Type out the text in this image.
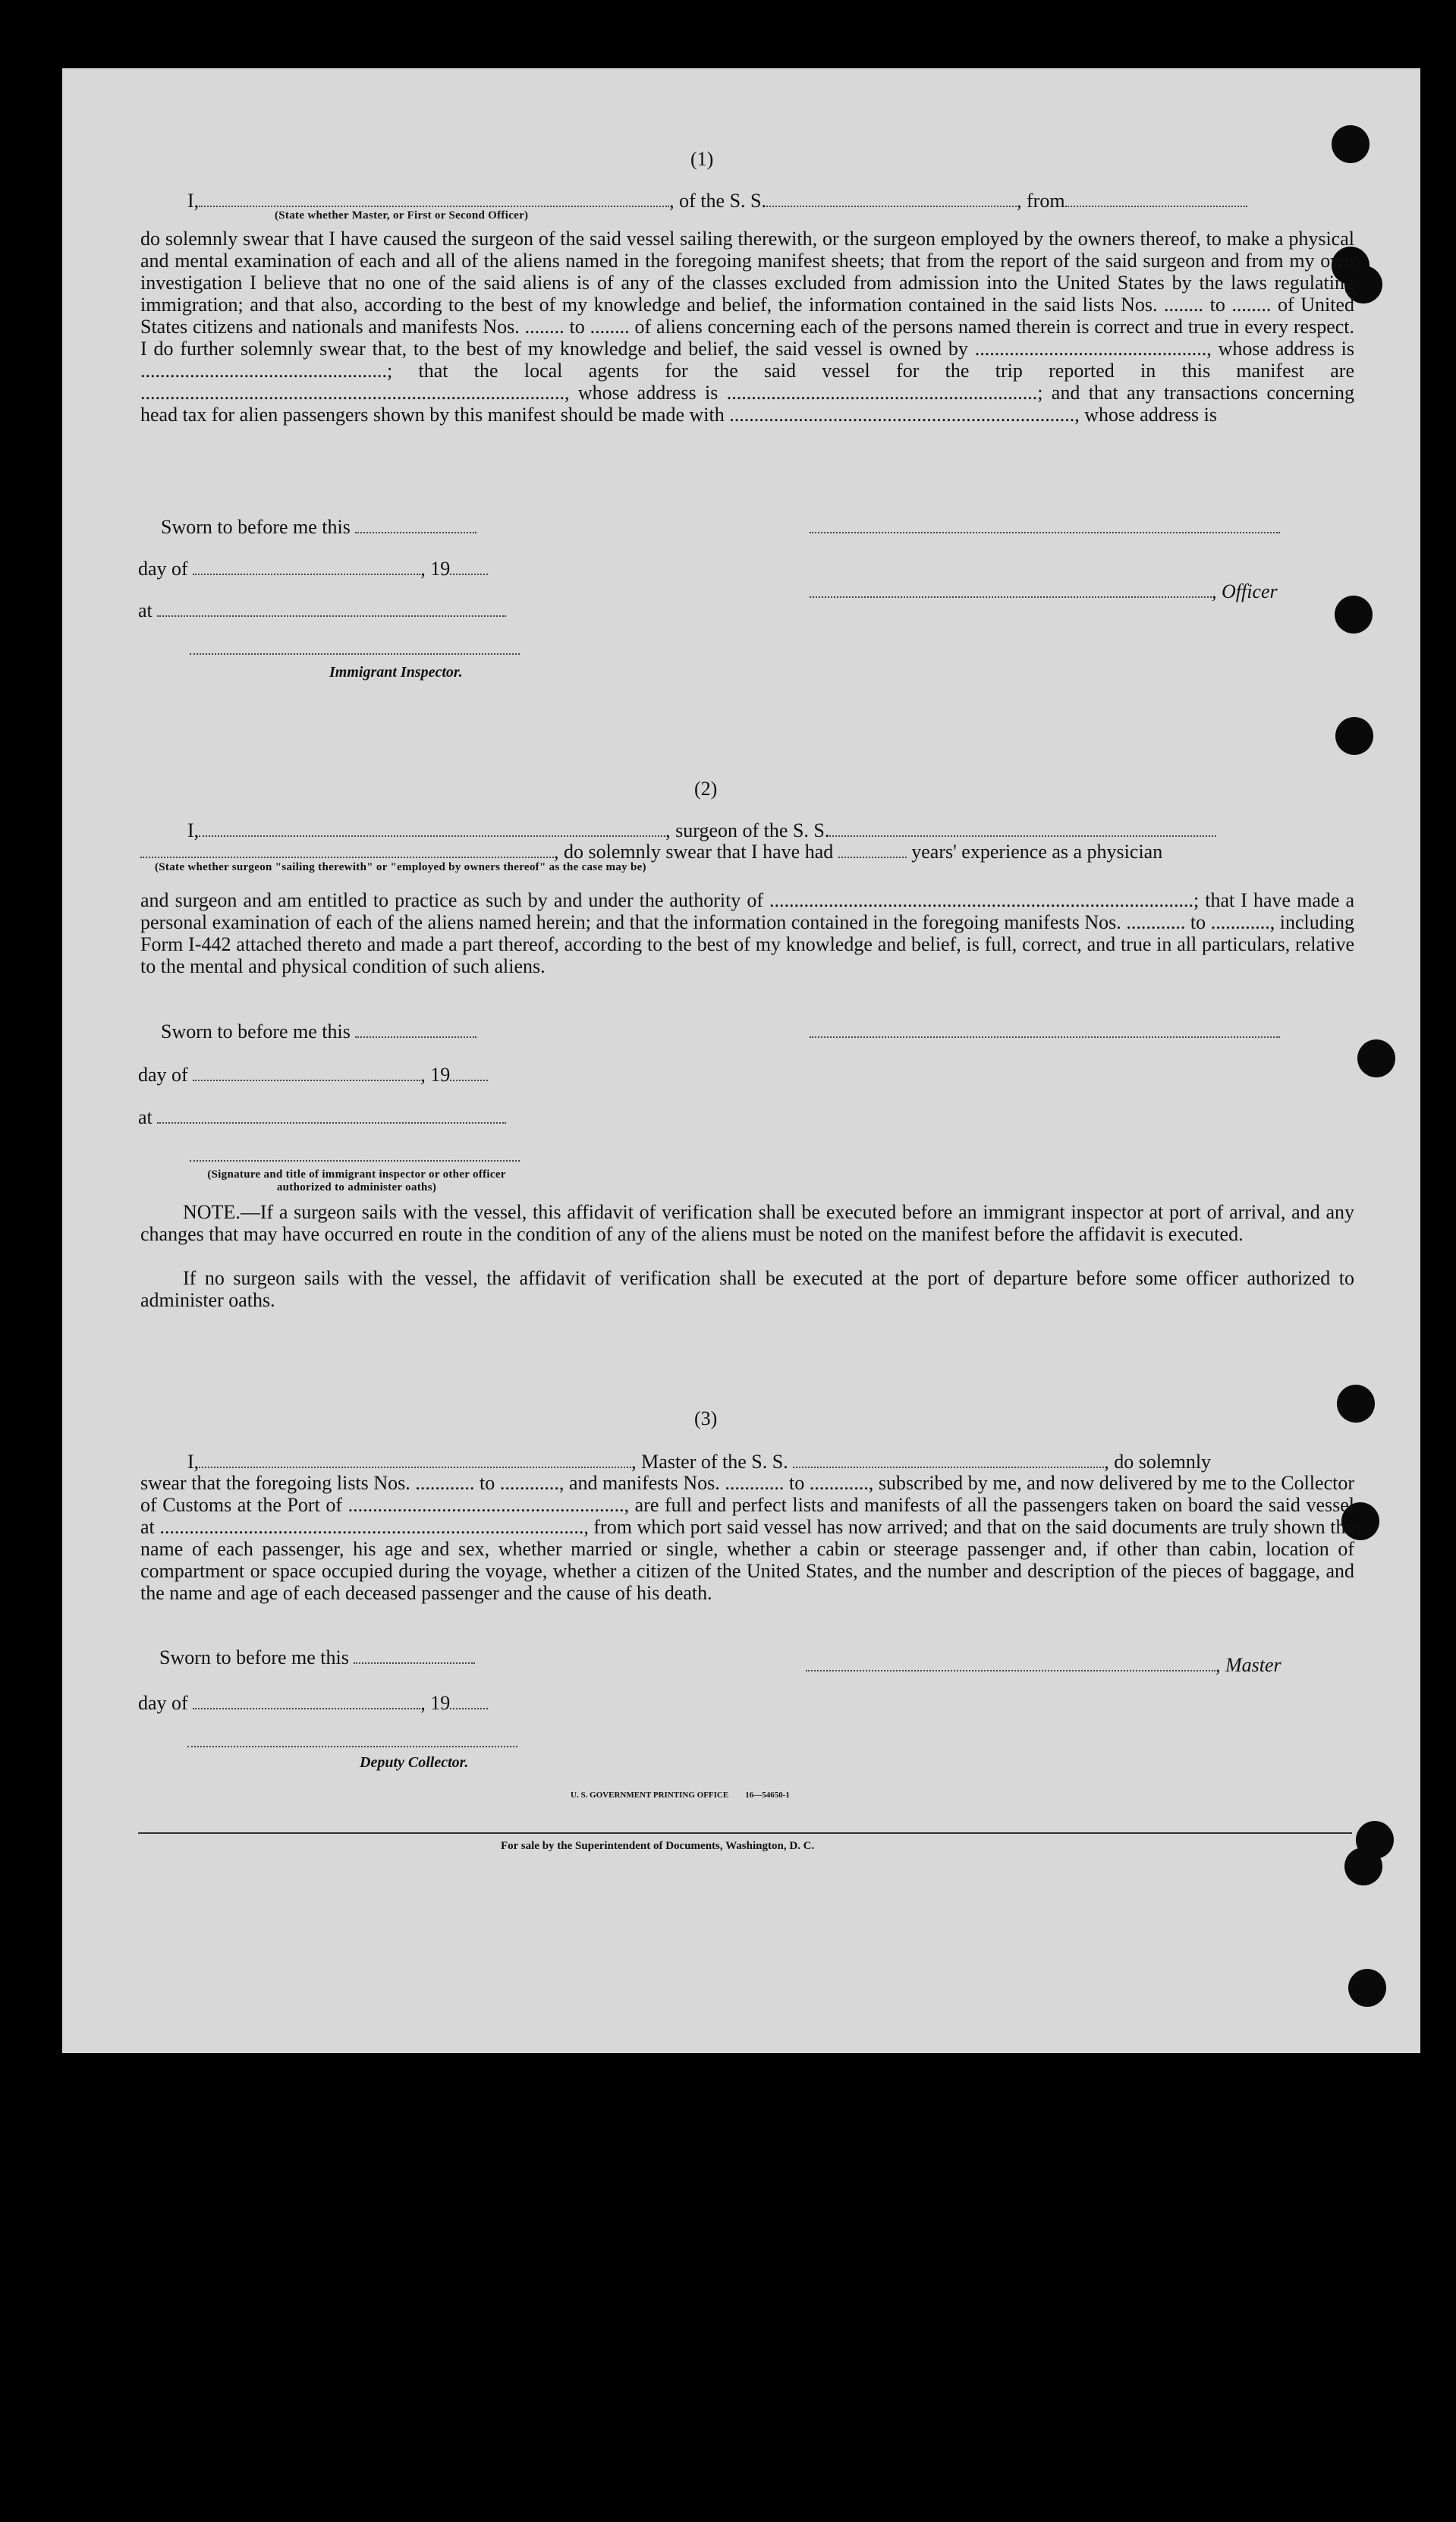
(1)
I,	, of the S. S.	, from
(State whether Master, or First or Second Officer)

do solemnly swear that I have caused the surgeon of the said vessel sailing therewith, or the surgeon employed by the owners thereof, to make a physical and mental examination of each and all of the aliens named in the foregoing manifest sheets; that from the report of the said surgeon and from my own investigation I believe that no one of the said aliens is of any of the classes excluded from admission into the United States by the laws regulating immigration; and that also, according to the best of my knowledge and belief, the information contained in the said lists Nos. ........ to ........ of United States citizens and nationals and manifests Nos. ........ to ........ of aliens concerning each of the persons named therein is correct and true in every respect. I do further solemnly swear that, to the best of my knowledge and belief, the said vessel is owned by ..............................................., whose address is ..................................................; that the local agents for the said vessel for the trip reported in this manifest are ......................................................................................, whose address is ...............................................................; and that any transactions concerning head tax for alien passengers shown by this manifest should be made with ......................................................................, whose address is

Sworn to before me this
day of	, 19
, Officer
at
Immigrant Inspector.
(2)
I,	, surgeon of the S. S.
, do solemnly swear that I have had	years' experience as a physician
(State whether surgeon "sailing therewith" or "employed by owners thereof" as the case may be)

and surgeon and am entitled to practice as such by and under the authority of ......................................................................................; that I have made a personal examination of each of the aliens named herein; and that the information contained in the foregoing manifests Nos. ............ to ............, including Form I-442 attached thereto and made a part thereof, according to the best of my knowledge and belief, is full, correct, and true in all particulars, relative to the mental and physical condition of such aliens.

Sworn to before me this
day of	, 19
at
(Signature and title of immigrant inspector or other officer authorized to administer oaths)

NOTE.—If a surgeon sails with the vessel, this affidavit of verification shall be executed before an immigrant inspector at port of arrival, and any changes that may have occurred en route in the condition of any of the aliens must be noted on the manifest before the affidavit is executed.

If no surgeon sails with the vessel, the affidavit of verification shall be executed at the port of departure before some officer authorized to administer oaths.

(3)
I,	, Master of the S. S.	, do solemnly

swear that the foregoing lists Nos. ............ to ............, and manifests Nos. ............ to ............, subscribed by me, and now delivered by me to the Collector of Customs at the Port of ........................................................, are full and perfect lists and manifests of all the passengers taken on board the said vessel at ......................................................................................, from which port said vessel has now arrived; and that on the said documents are truly shown the name of each passenger, his age and sex, whether married or single, whether a cabin or steerage passenger and, if other than cabin, location of compartment or space occupied during the voyage, whether a citizen of the United States, and the number and description of the pieces of baggage, and the name and age of each deceased passenger and the cause of his death.

Sworn to before me this	, Master
day of	, 19
Deputy Collector.
U. S. GOVERNMENT PRINTING OFFICE        16—54650-1
For sale by the Superintendent of Documents, Washington, D. C.
